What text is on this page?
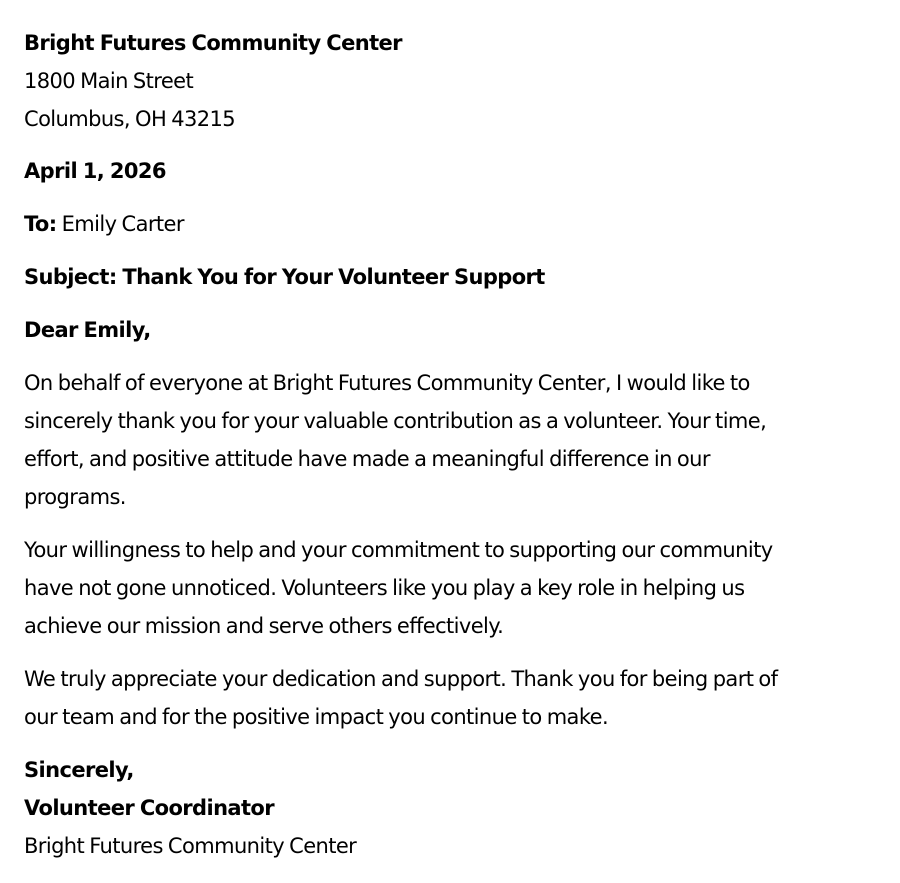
Bright Futures Community Center
1800 Main Street
Columbus, OH 43215
April 1, 2026
To: Emily Carter
Subject: Thank You for Your Volunteer Support
Dear Emily,
On behalf of everyone at Bright Futures Community Center, I would like to
sincerely thank you for your valuable contribution as a volunteer. Your time,
effort, and positive attitude have made a meaningful difference in our
programs.
Your willingness to help and your commitment to supporting our community
have not gone unnoticed. Volunteers like you play a key role in helping us
achieve our mission and serve others effectively.
We truly appreciate your dedication and support. Thank you for being part of
our team and for the positive impact you continue to make.
Sincerely,
Volunteer Coordinator
Bright Futures Community Center
